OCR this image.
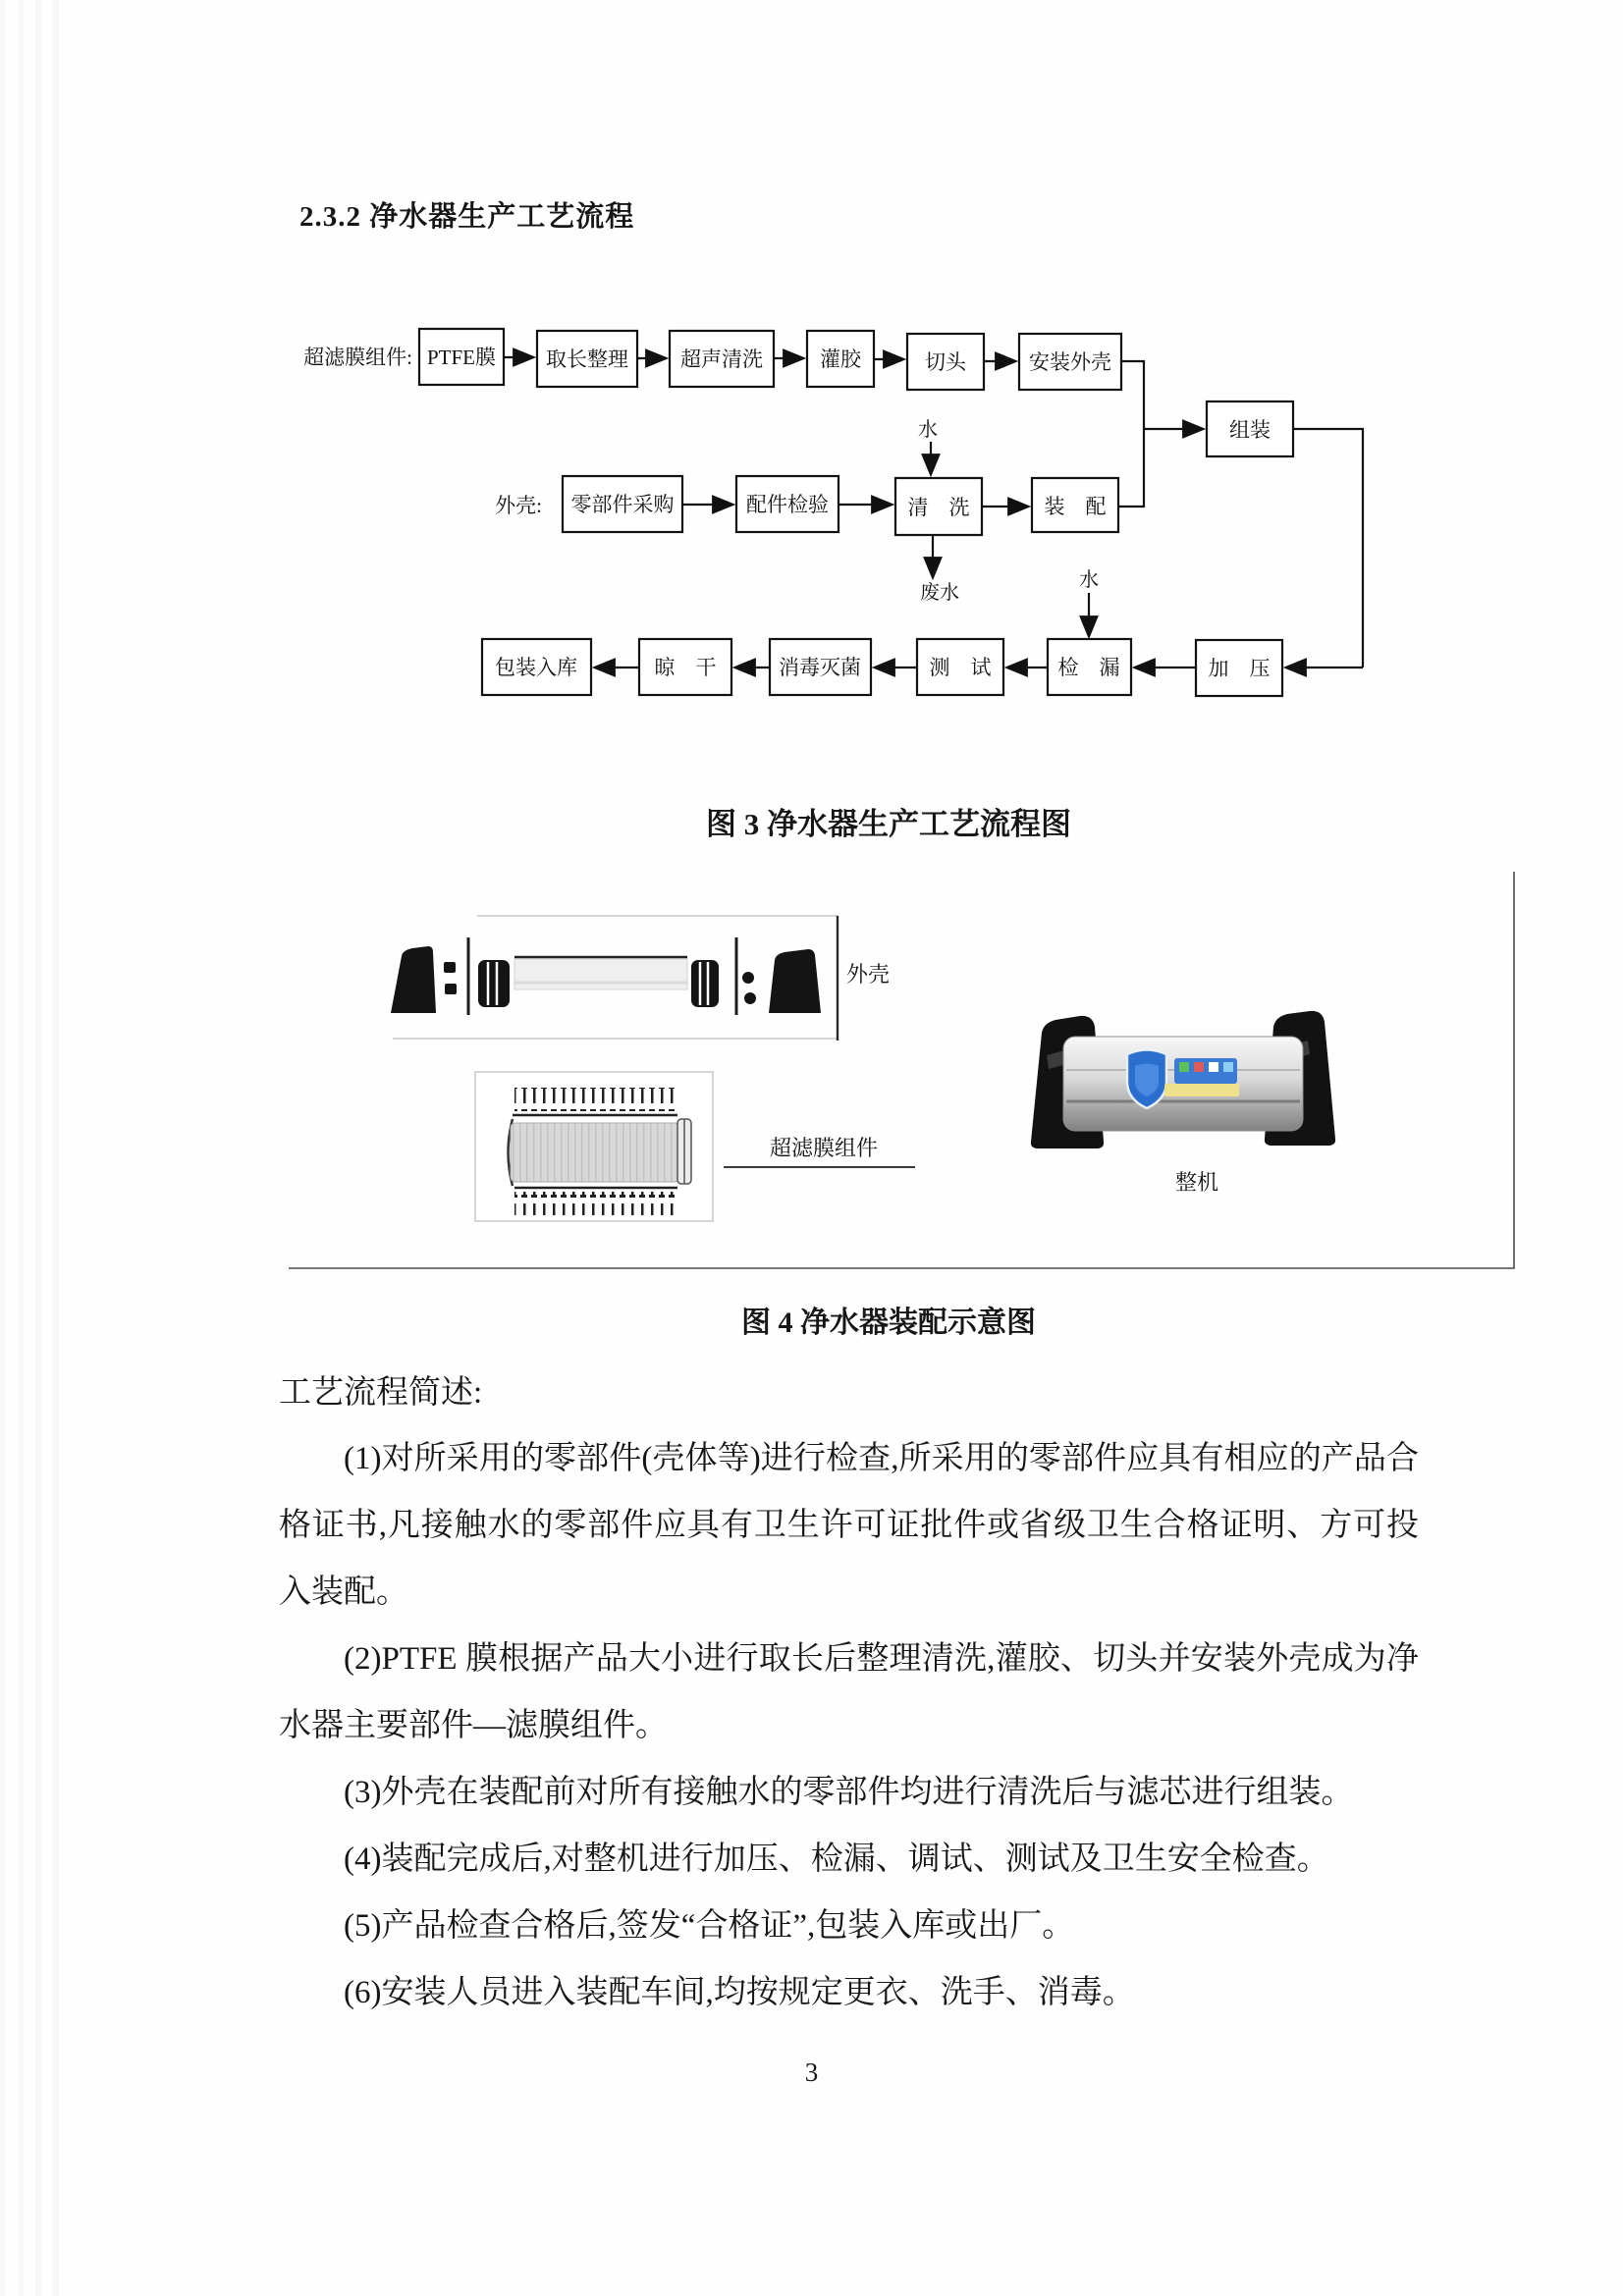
2.3.2 净水器生产工艺流程
超滤膜组件:
外壳:
PTFE膜 取长整理	超声清洗	灌胶	切头	安装外壳
组装
零部件采购	配件检验	清　洗	装　配
水
废水
水
包装入库	晾　干	消毒灭菌	测　试	检　漏	加　压
图 3 净水器生产工艺流程图
外壳
超滤膜组件
整机
图 4 净水器装配示意图
工艺流程简述:

(1)对所采用的零部件(壳体等)进行检查,所采用的零部件应具有相应的产品合格证书,凡接触水的零部件应具有卫生许可证批件或省级卫生合格证明、方可投入装配。

(2)PTFE 膜根据产品大小进行取长后整理清洗,灌胶、切头并安装外壳成为净水器主要部件—滤膜组件。

(3)外壳在装配前对所有接触水的零部件均进行清洗后与滤芯进行组装。

(4)装配完成后,对整机进行加压、检漏、调试、测试及卫生安全检查。

(5)产品检查合格后,签发“合格证”,包装入库或出厂。

(6)安装人员进入装配车间,均按规定更衣、洗手、消毒。

3
